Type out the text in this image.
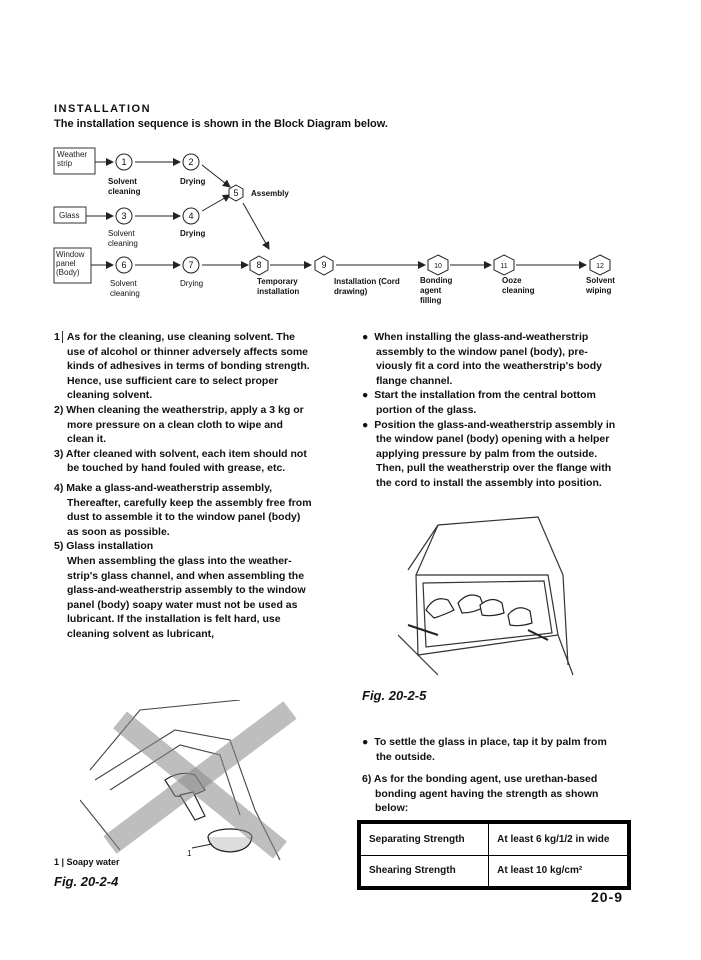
INSTALLATION
The installation sequence is shown in the Block Diagram below.
1	2
3	4
5
6	7	8	9	10	11	12
Weather strip
Glass
Window panel (Body)
Solvent cleaning
Drying
Solvent cleaning
Drying
Assembly
Solvent cleaning
Drying	Temporary installation
Installation (Cord drawing)
Bonding agent filling
Ooze cleaning
Solvent wiping

1 As for the cleaning, use cleaning solvent. The use of alcohol or thinner adversely affects some kinds of adhesives in terms of bonding strength. Hence, use sufficient care to select proper cleaning solvent.

2) When cleaning the weatherstrip, apply a 3 kg or more pressure on a clean cloth to wipe and clean it.

3) After cleaned with solvent, each item should not be touched by hand fouled with grease, etc.

4) Make a glass-and-weatherstrip assembly, Thereafter, carefully keep the assembly free from dust to assemble it to the window panel (body) as soon as possible.

5) Glass installation

When assembling the glass into the weather-strip's glass channel, and when assembling the glass-and-weatherstrip assembly to the window panel (body) soapy water must not be used as lubricant. If the installation is felt hard, use cleaning solvent as lubricant,

●  When installing the glass-and-weatherstrip assembly to the window panel (body), pre-viously fit a cord into the weatherstrip's body flange channel.

●  Start the installation from the central bottom portion of the glass.

●  Position the glass-and-weatherstrip assembly in the window panel (body) opening with a helper applying pressure by palm from the outside. Then, pull the weatherstrip over the flange with the cord to install the assembly into position.

Fig. 20-2-5

●  To settle the glass in place, tap it by palm from the outside.

6) As for the bonding agent, use urethan-based bonding agent having the strength as shown below:

Separating Strength	At least 6 kg/1/2 in wide
Shearing Strength	At least 10 kg/cm²
1
1 | Soapy water
Fig. 20-2-4
20-9
